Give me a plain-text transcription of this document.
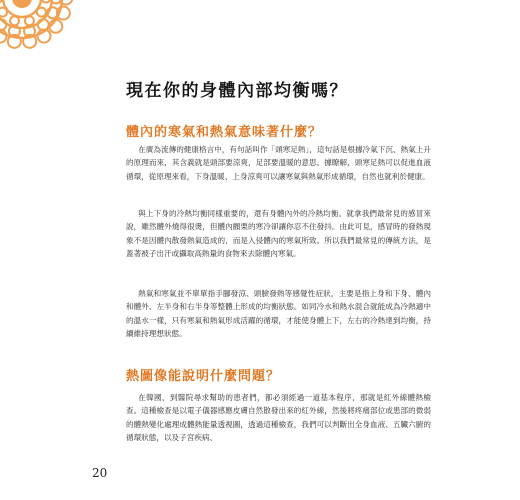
現在你的身體內部均衡嗎？
體內的寒氣和熱氣意味著什麼？

在廣為流傳的健康格言中，有句話叫作「頭寒足熱」，這句話是根據冷氣下沉、熱氣上升的原理而來，其含義就是頭部要涼爽，足部要溫暖的意思。據瞭解，頭寒足熱可以促進血液循環，從原理來看，下身溫暖、上身涼爽可以讓寒氣與熱氣形成循環，自然也就利於健康。

與上下身的冷熱均衡同樣重要的，還有身體內外的冷熱均衡。就拿我們最常見的感冒來說，雖然體外燒得很燙，但體內顫栗的寒冷卻讓你忍不住發抖。由此可見，感冒時的發熱現象不是因體內散發熱氣造成的，而是入侵體內的寒氣所致。所以我們最常見的傳統方法，是蓋著被子出汗或攝取高熱量的食物來去除體內寒氣。

熱氣和寒氣並不單單指手腳發涼、頭臉發熱等感覺性症狀，主要是指上身和下身、體內和體外、左半身和右半身等整體上形成的均衡狀態。如同冷水和熱水混合就能成為冷熱適中的溫水一樣，只有寒氣和熱氣形成活躍的循環，才能使身體上下，左右的冷熱達到均衡，持續維持理想狀態。

熱圖像能說明什麼問題？

在韓國，到醫院尋求幫助的患者們，都必須經過一道基本程序，那就是紅外線體熱檢查。這種檢查是以電子儀器感應皮膚自然散發出來的紅外線，然後將疼痛部位或患部的微弱的體熱變化處理成體熱能量透視圖，透過這種檢查，我們可以判斷出全身血液、五臟六腑的循環狀態，以及子宮疾病、

20
